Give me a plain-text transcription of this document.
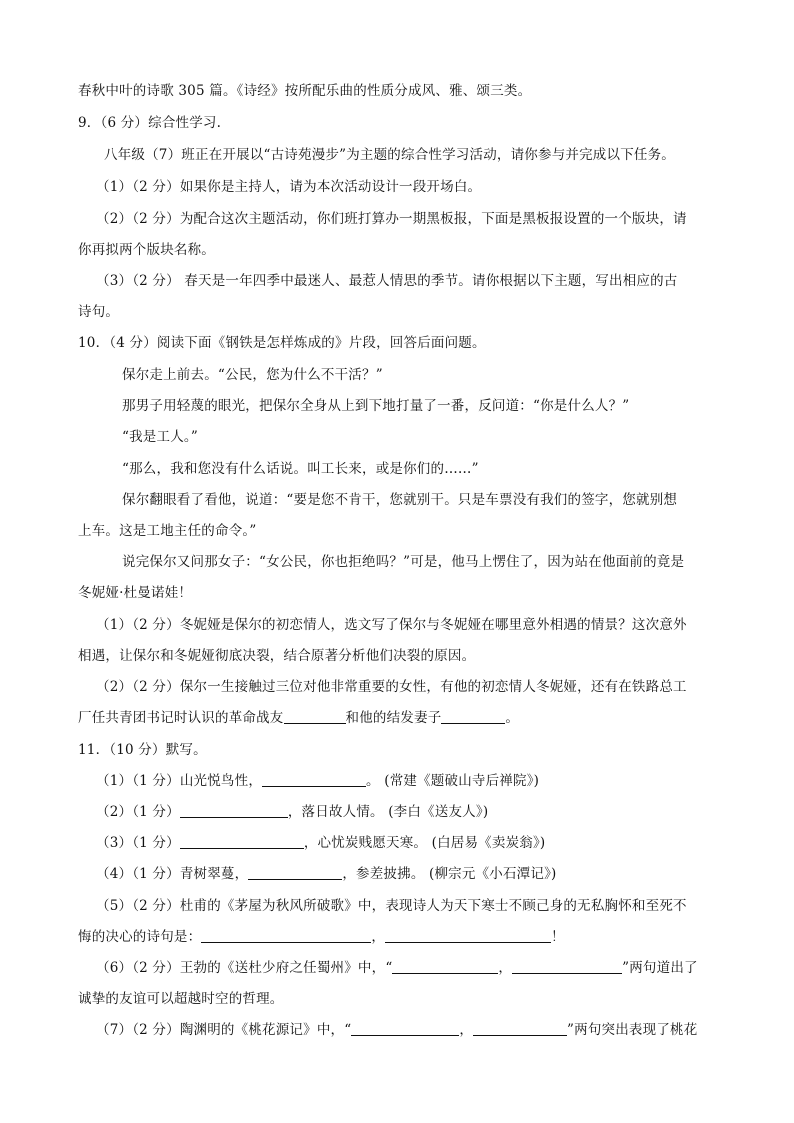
春秋中叶的诗歌 305 篇。《诗经》按所配乐曲的性质分成风、雅、颂三类。
9．（6 分）综合性学习.
八年级（7）班正在开展以“古诗苑漫步”为主题的综合性学习活动，请你参与并完成以下任务。
（1）（2 分）如果你是主持人，请为本次活动设计一段开场白。
（2）（2 分）为配合这次主题活动，你们班打算办一期黑板报，下面是黑板报设置的一个版块，请
你再拟两个版块名称。
（3）（2 分） 春天是一年四季中最迷人、最惹人情思的季节。请你根据以下主题，写出相应的古
诗句。
10．（4 分）阅读下面《钢铁是怎样炼成的》片段，回答后面问题。
保尔走上前去。“公民，您为什么不干活？”
那男子用轻蔑的眼光，把保尔全身从上到下地打量了一番，反问道：“你是什么人？”
“我是工人。”
“那么，我和您没有什么话说。叫工长来，或是你们的……”
保尔翻眼看了看他，说道：“要是您不肯干，您就别干。只是车票没有我们的签字，您就别想
上车。这是工地主任的命令。”
说完保尔又问那女子：“女公民，你也拒绝吗？”可是，他马上愣住了，因为站在他面前的竟是
冬妮娅·杜曼诺娃！
（1）（2 分）冬妮娅是保尔的初恋情人，选文写了保尔与冬妮娅在哪里意外相遇的情景？这次意外
相遇，让保尔和冬妮娅彻底决裂，结合原著分析他们决裂的原因。
（2）（2 分）保尔一生接触过三位对他非常重要的女性，有他的初恋情人冬妮娅，还有在铁路总工
厂任共青团书记时认识的革命战友	和他的结发妻子	。
11．（10 分）默写。
（1）（1 分）山光悦鸟性，	。 (常建《题破山寺后禅院》)
（2）（1 分）	，落日故人情。 (李白《送友人》)
（3）（1 分）	，心忧炭贱愿天寒。 (白居易《卖炭翁》)
（4）（1 分）青树翠蔓，	，参差披拂。 (柳宗元《小石潭记》)
（5）（2 分）杜甫的《茅屋为秋风所破歌》中，表现诗人为天下寒士不顾己身的无私胸怀和至死不
悔的决心的诗句是：	，	！
（6）（2 分）王勃的《送杜少府之任蜀州》中，“	，	”两句道出了
诚挚的友谊可以超越时空的哲理。
（7）（2 分）陶渊明的《桃花源记》中，“	，	”两句突出表现了桃花
